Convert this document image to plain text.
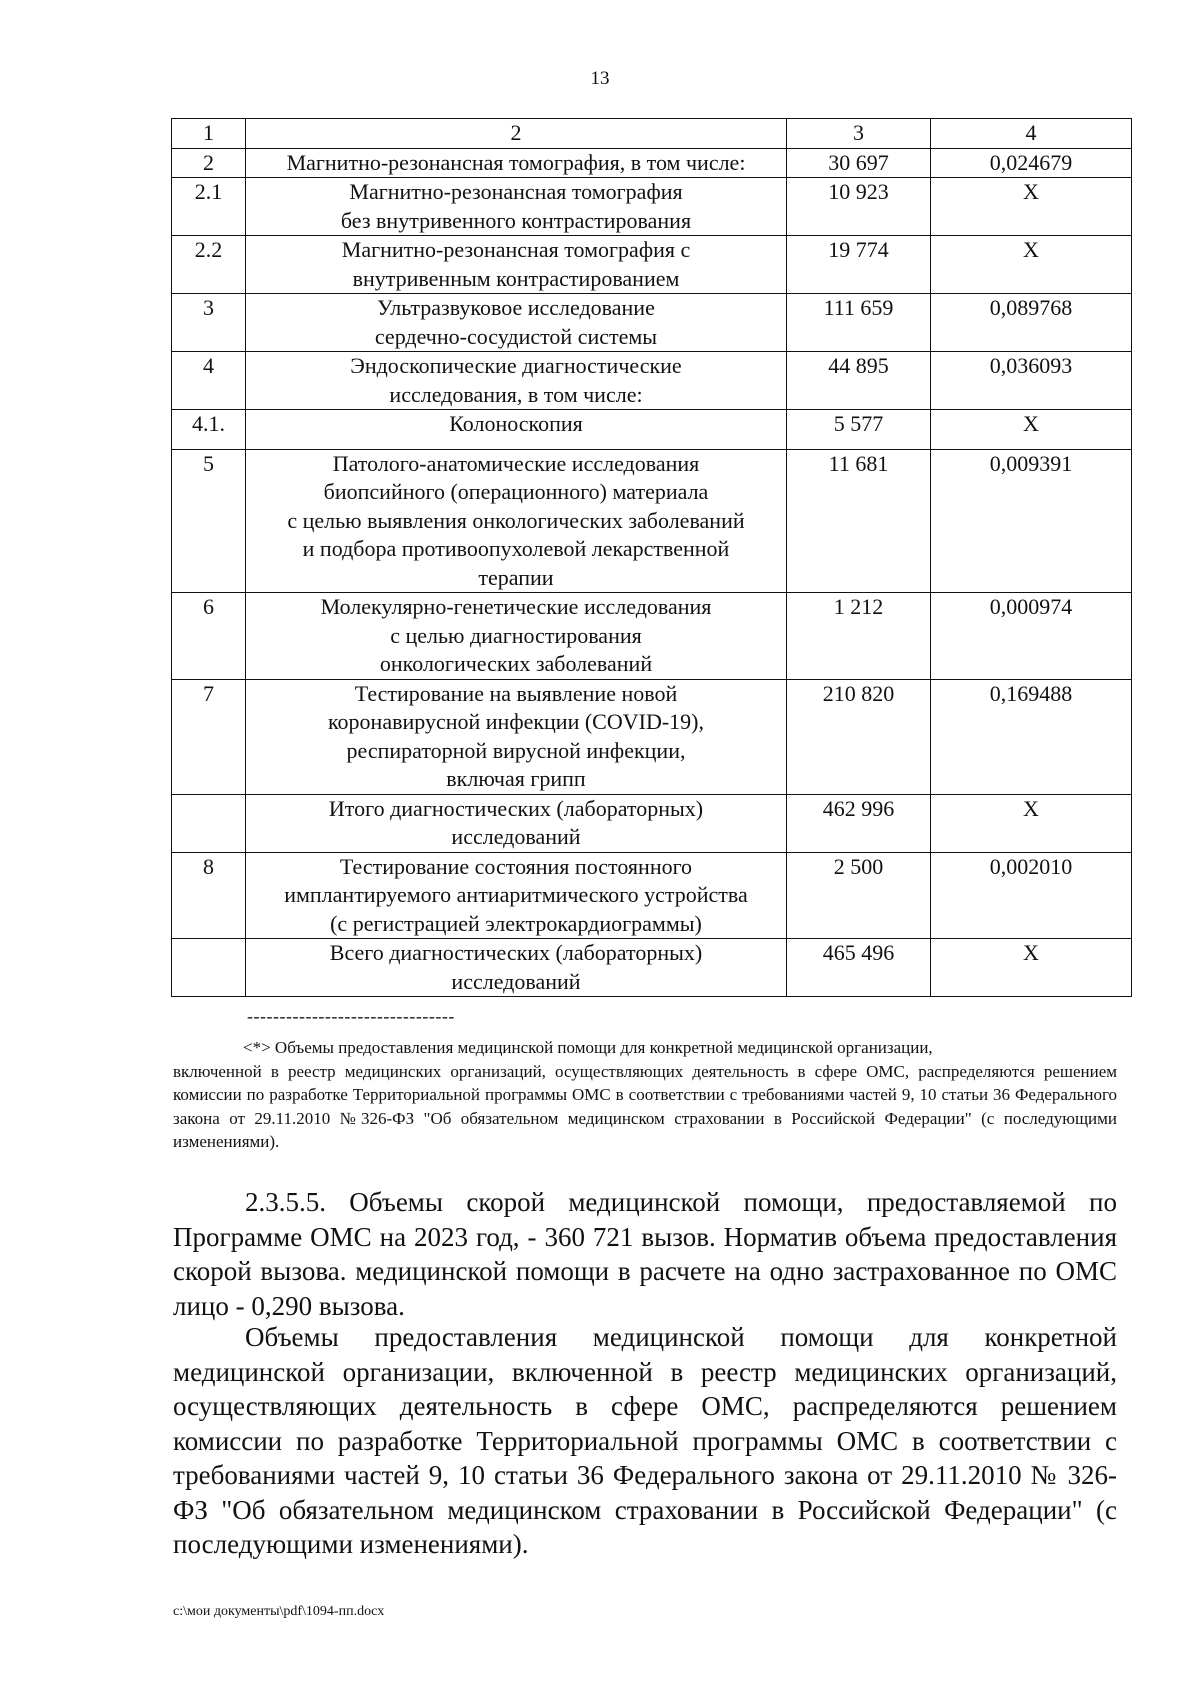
13
1	2	3	4
2	Магнитно-резонансная томография, в том числе:	30 697	0,024679
2.1	Магнитно-резонансная томография
без внутривенного контрастирования	10 923	Х
2.2	Магнитно-резонансная томография с
внутривенным контрастированием	19 774	Х
3	Ультразвуковое исследование
сердечно-сосудистой системы	111 659	0,089768
4	Эндоскопические диагностические
исследования, в том числе:	44 895	0,036093
4.1.	Колоноскопия	5 577	Х
5	Патолого-анатомические исследования
биопсийного (операционного) материала
с целью выявления онкологических заболеваний
и подбора противоопухолевой лекарственной
терапии	11 681	0,009391
6	Молекулярно-генетические исследования
с целью диагностирования
онкологических заболеваний	1 212	0,000974
7	Тестирование на выявление новой
коронавирусной инфекции (COVID-19),
респираторной вирусной инфекции,
включая грипп	210 820	0,169488

	Итого диагностических (лабораторных)
исследований	462 996	Х
8	Тестирование состояния постоянного
имплантируемого антиаритмического устройства
(с регистрацией электрокардиограммы)	2 500	0,002010

	Всего диагностических (лабораторных)
исследований	465 496	Х
--------------------------------
<*> Объемы предоставления медицинской помощи для конкретной медицинской организации,
включенной в реестр медицинских организаций, осуществляющих деятельность в сфере ОМС, распределяются решением комиссии по разработке Территориальной программы ОМС в соответствии с требованиями частей 9, 10 статьи 36 Федерального закона от 29.11.2010 №326-ФЗ "Об обязательном медицинском страховании в Российской Федерации" (с последующими изменениями).
2.3.5.5. Объемы скорой медицинской помощи, предоставляемой по Программе ОМС на 2023 год, - 360 721 вызов. Норматив объема предоставления скорой вызова. медицинской помощи в расчете на одно застрахованное по ОМС лицо - 0,290 вызова.
Объемы предоставления медицинской помощи для конкретной медицинской организации, включенной в реестр медицинских организаций, осуществляющих деятельность в сфере ОМС, распределяются решением комиссии по разработке Территориальной программы ОМС в соответствии с требованиями частей 9, 10 статьи 36 Федерального закона от 29.11.2010 № 326-ФЗ "Об обязательном медицинском страховании в Российской Федерации" (с последующими изменениями).
c:\мои документы\pdf\1094-пп.docx
